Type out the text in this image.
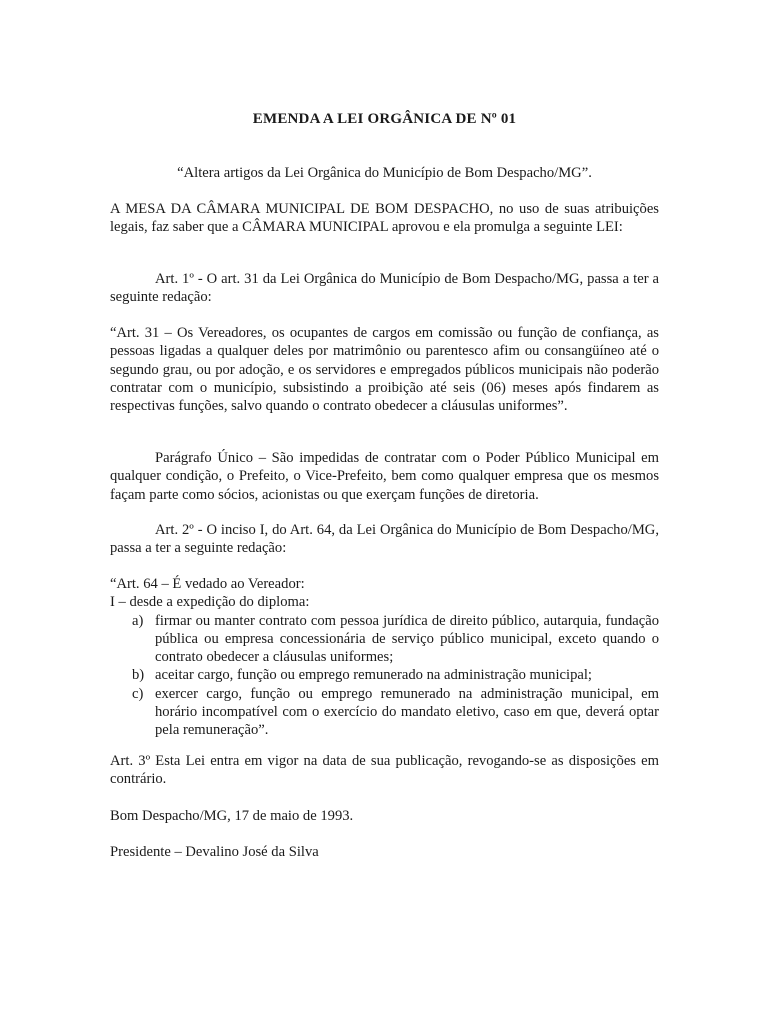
EMENDA A LEI ORGÂNICA DE Nº 01
“Altera artigos da Lei Orgânica do Município de Bom Despacho/MG”.

A MESA DA CÂMARA MUNICIPAL DE BOM DESPACHO, no uso de suas atribuições legais, faz saber que a CÂMARA MUNICIPAL aprovou e ela promulga a seguinte LEI:

Art. 1º - O art. 31 da Lei Orgânica do Município de Bom Despacho/MG, passa a ter a seguinte redação:

“Art. 31 – Os Vereadores, os ocupantes de cargos em comissão ou função de confiança, as pessoas ligadas a qualquer deles por matrimônio ou parentesco afim ou consangüíneo até o segundo grau, ou por adoção, e os servidores e empregados públicos municipais não poderão contratar com o município, subsistindo a proibição até seis (06) meses após findarem as respectivas funções, salvo quando o contrato obedecer a cláusulas uniformes”.

Parágrafo Único – São impedidas de contratar com o Poder Público Municipal em qualquer condição, o Prefeito, o Vice-Prefeito, bem como qualquer empresa que os mesmos façam parte como sócios, acionistas ou que exerçam funções de diretoria.

Art. 2º - O inciso I, do Art. 64, da Lei Orgânica do Município de Bom Despacho/MG, passa a ter a seguinte redação:

“Art. 64 – É vedado ao Vereador:
I – desde a expedição do diploma:
a) firmar ou manter contrato com pessoa jurídica de direito público, autarquia, fundação pública ou empresa concessionária de serviço público municipal, exceto quando o contrato obedecer a cláusulas uniformes;
b) aceitar cargo, função ou emprego remunerado na administração municipal;
c) exercer cargo, função ou emprego remunerado na administração municipal, em horário incompatível com o exercício do mandato eletivo, caso em que, deverá optar pela remuneração”.

Art. 3º Esta Lei entra em vigor na data de sua publicação, revogando-se as disposições em contrário.

Bom Despacho/MG, 17 de maio de 1993.

Presidente – Devalino José da Silva
